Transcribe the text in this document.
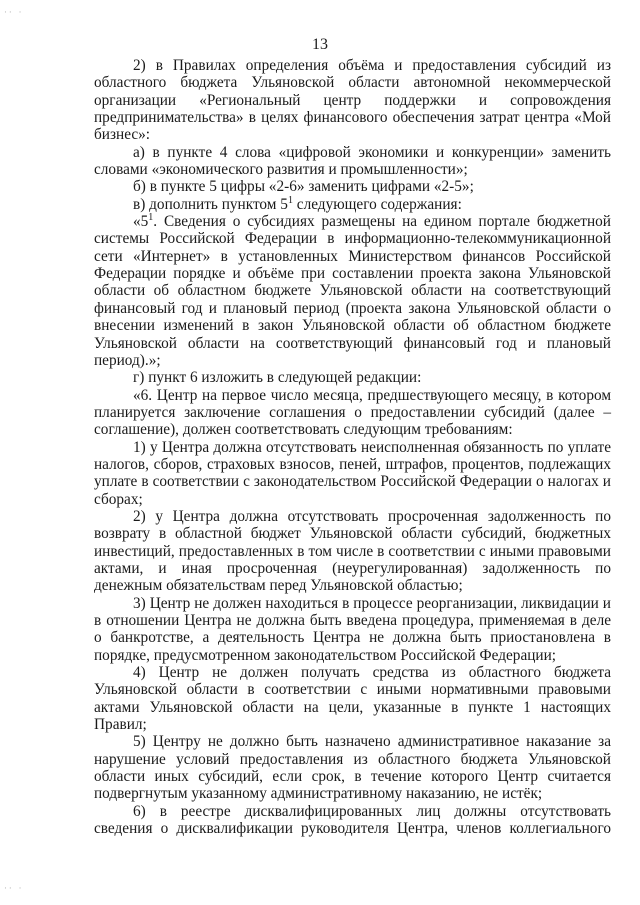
·· ·
13

2) в Правилах определения объёма и предоставления субсидий из областного бюджета Ульяновской области автономной некоммерческой организации «Региональный центр поддержки и сопровождения предпринимательства» в целях финансового обеспечения затрат центра «Мой бизнес»:

а) в пункте 4 слова «цифровой экономики и конкуренции» заменить словами «экономического развития и промышленности»;

б) в пункте 5 цифры «2-6» заменить цифрами «2-5»;

в) дополнить пунктом $5^1$ следующего содержания:

«$5^1$. Сведения о субсидиях размещены на едином портале бюджетной системы Российской Федерации в информационно-телекоммуникационной сети «Интернет» в установленных Министерством финансов Российской Федерации порядке и объёме при составлении проекта закона Ульяновской области об областном бюджете Ульяновской области на соответствующий финансовый год и плановый период (проекта закона Ульяновской области о внесении изменений в закон Ульяновской области об областном бюджете Ульяновской области на соответствующий финансовый год и плановый период).»;

г) пункт 6 изложить в следующей редакции:

«6. Центр на первое число месяца, предшествующего месяцу, в котором планируется заключение соглашения о предоставлении субсидий (далее – соглашение), должен соответствовать следующим требованиям:

1) у Центра должна отсутствовать неисполненная обязанность по уплате налогов, сборов, страховых взносов, пеней, штрафов, процентов, подлежащих уплате в соответствии с законодательством Российской Федерации о налогах и сборах;

2) у Центра должна отсутствовать просроченная задолженность по возврату в областной бюджет Ульяновской области субсидий, бюджетных инвестиций, предоставленных в том числе в соответствии с иными правовыми актами, и иная просроченная (неурегулированная) задолженность по денежным обязательствам перед Ульяновской областью;

3) Центр не должен находиться в процессе реорганизации, ликвидации и в отношении Центра не должна быть введена процедура, применяемая в деле о банкротстве, а деятельность Центра не должна быть приостановлена в порядке, предусмотренном законодательством Российской Федерации;

4) Центр не должен получать средства из областного бюджета Ульяновской области в соответствии с иными нормативными правовыми актами Ульяновской области на цели, указанные в пункте 1 настоящих Правил;

5) Центру не должно быть назначено административное наказание за нарушение условий предоставления из областного бюджета Ульяновской области иных субсидий, если срок, в течение которого Центр считается подвергнутым указанному административному наказанию, не истёк;

6) в реестре дисквалифицированных лиц должны отсутствовать сведения о дисквалификации руководителя Центра, членов коллегиального

·· ·
